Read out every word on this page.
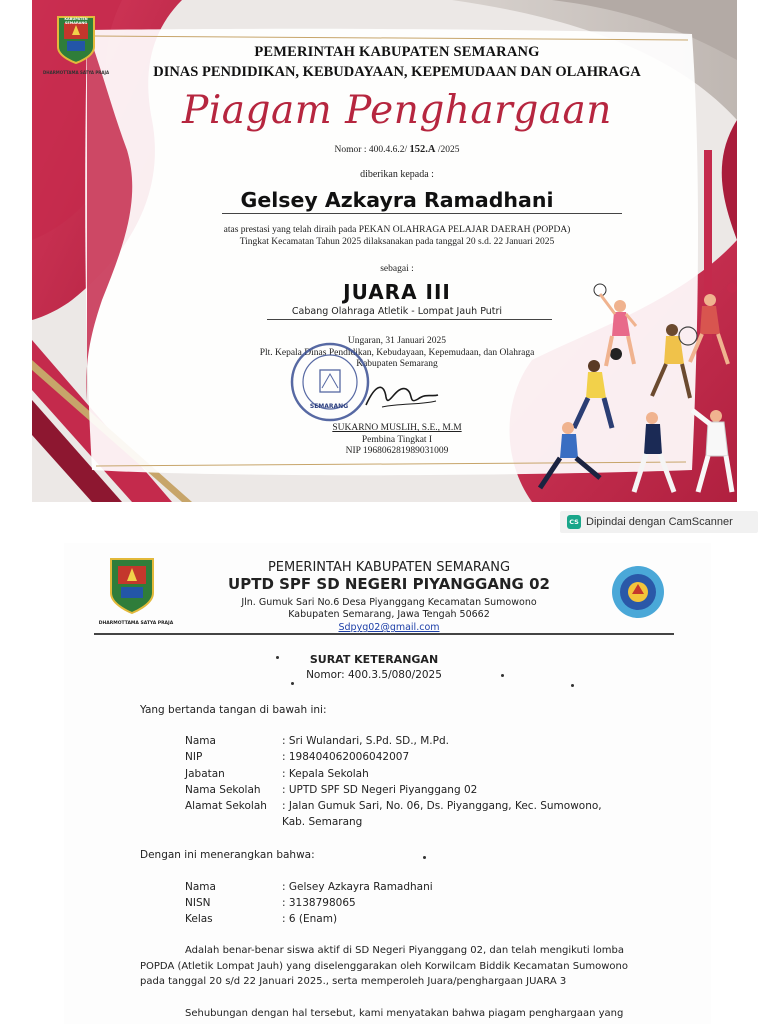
KABUPATEN SEMARANG
DHARMOTTAMA SATYA PRAJA
PEMERINTAH KABUPATEN SEMARANG
DINAS PENDIDIKAN, KEBUDAYAAN, KEPEMUDAAN DAN OLAHRAGA
Piagam Penghargaan
Nomor : 400.4.6.2/ 152.A /2025
diberikan kepada :
Gelsey Azkayra Ramadhani
atas prestasi yang telah diraih pada PEKAN OLAHRAGA PELAJAR DAERAH (POPDA)
Tingkat Kecamatan Tahun 2025 dilaksanakan pada tanggal 20 s.d. 22 Januari 2025
sebagai :
JUARA III
Cabang Olahraga Atletik - Lompat Jauh Putri
Ungaran, 31 Januari 2025
Plt. Kepala Dinas Pendidikan, Kebudayaan, Kepemudaan, dan Olahraga
Kabupaten Semarang
SEMARANG
SUKARNO MUSLIH, S.E., M.M
Pembina Tingkat I
NIP 196806281989031009
CS Dipindai dengan CamScanner
DHARMOTTAMA SATYA PRAJA
PEMERINTAH KABUPATEN SEMARANG
UPTD SPF SD NEGERI PIYANGGANG 02
Jln. Gumuk Sari No.6 Desa Piyanggang Kecamatan Sumowono
Kabupaten Semarang, Jawa Tengah 50662
Sdpyg02@gmail.com
SURAT KETERANGAN
Nomor: 400.3.5/080/2025
Yang bertanda tangan di bawah ini:
Nama	: Sri Wulandari, S.Pd. SD., M.Pd.
NIP	: 198404062006042007
Jabatan	: Kepala Sekolah
Nama Sekolah : UPTD SPF SD Negeri Piyanggang 02
Alamat Sekolah : Jalan Gumuk Sari, No. 06, Ds. Piyanggang, Kec. Sumowono,
Kab. Semarang
Dengan ini menerangkan bahwa:
Nama	: Gelsey Azkayra Ramadhani
NISN	: 3138798065
Kelas	: 6 (Enam)
Adalah benar-benar siswa aktif di SD Negeri Piyanggang 02, dan telah mengikuti lomba
POPDA (Atletik Lompat Jauh) yang diselenggarakan oleh Korwilcam Biddik Kecamatan Sumowono
pada tanggal 20 s/d 22 Januari 2025., serta memperoleh Juara/penghargaan JUARA 3
Sehubungan dengan hal tersebut, kami menyatakan bahwa piagam penghargaan yang
